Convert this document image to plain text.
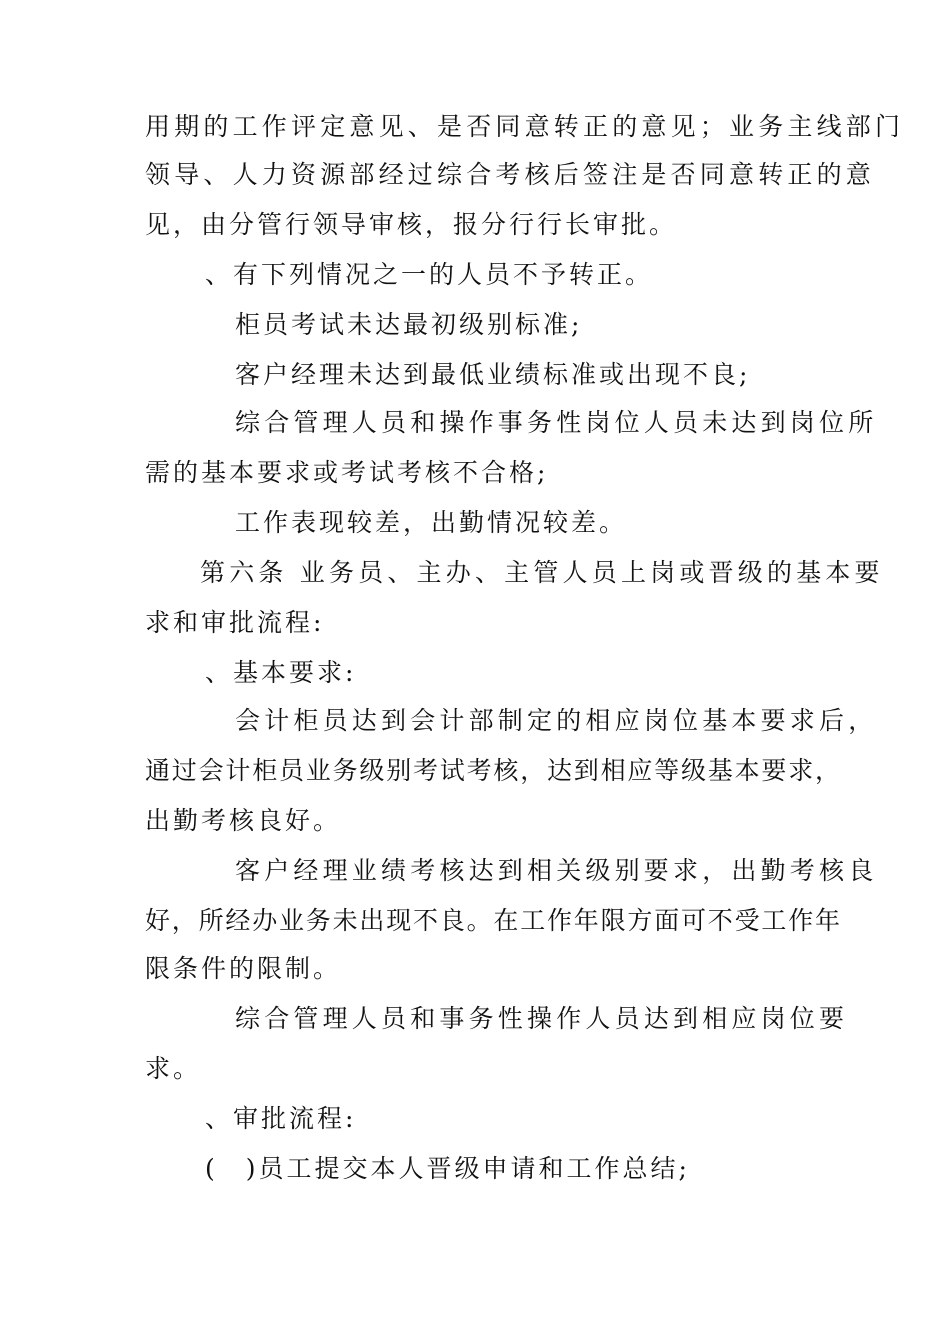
用期的工作评定意见、是否同意转正的意见；业务主线部门
领导、人力资源部经过综合考核后签注是否同意转正的意
见，由分管行领导审核，报分行行长审批。
、有下列情况之一的人员不予转正。
柜员考试未达最初级别标准;
客户经理未达到最低业绩标准或出现不良;
综合管理人员和操作事务性岗位人员未达到岗位所
需的基本要求或考试考核不合格;
工作表现较差，出勤情况较差。
第六条 业务员、主办、主管人员上岗或晋级的基本要
求和审批流程:
、基本要求:
会计柜员达到会计部制定的相应岗位基本要求后，
通过会计柜员业务级别考试考核，达到相应等级基本要求，
出勤考核良好。
客户经理业绩考核达到相关级别要求，出勤考核良
好，所经办业务未出现不良。在工作年限方面可不受工作年
限条件的限制。
综合管理人员和事务性操作人员达到相应岗位要
求。
、审批流程:
(　)员工提交本人晋级申请和工作总结;
